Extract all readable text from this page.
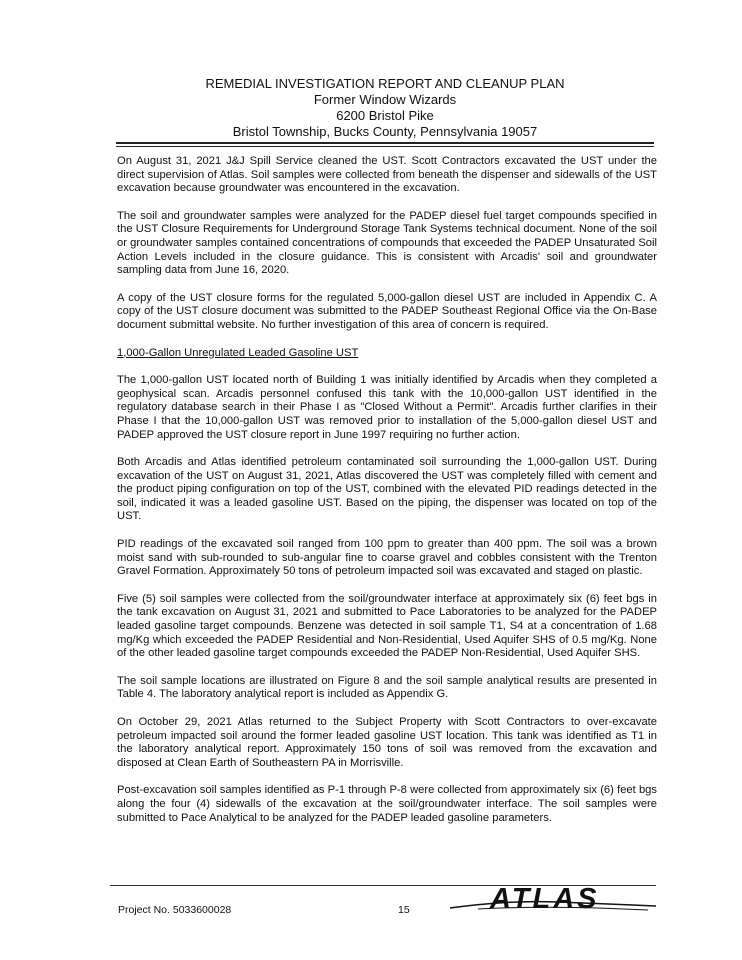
REMEDIAL INVESTIGATION REPORT AND CLEANUP PLAN
Former Window Wizards
6200 Bristol Pike
Bristol Township, Bucks County, Pennsylvania 19057

On August 31, 2021 J&J Spill Service cleaned the UST. Scott Contractors excavated the UST under the direct supervision of Atlas. Soil samples were collected from beneath the dispenser and sidewalls of the UST excavation because groundwater was encountered in the excavation.

The soil and groundwater samples were analyzed for the PADEP diesel fuel target compounds specified in the UST Closure Requirements for Underground Storage Tank Systems technical document. None of the soil or groundwater samples contained concentrations of compounds that exceeded the PADEP Unsaturated Soil Action Levels included in the closure guidance. This is consistent with Arcadis' soil and groundwater sampling data from June 16, 2020.

A copy of the UST closure forms for the regulated 5,000-gallon diesel UST are included in Appendix C. A copy of the UST closure document was submitted to the PADEP Southeast Regional Office via the On-Base document submittal website. No further investigation of this area of concern is required.

1,000-Gallon Unregulated Leaded Gasoline UST

The 1,000-gallon UST located north of Building 1 was initially identified by Arcadis when they completed a geophysical scan. Arcadis personnel confused this tank with the 10,000-gallon UST identified in the regulatory database search in their Phase I as "Closed Without a Permit". Arcadis further clarifies in their Phase I that the 10,000-gallon UST was removed prior to installation of the 5,000-gallon diesel UST and PADEP approved the UST closure report in June 1997 requiring no further action.

Both Arcadis and Atlas identified petroleum contaminated soil surrounding the 1,000-gallon UST. During excavation of the UST on August 31, 2021, Atlas discovered the UST was completely filled with cement and the product piping configuration on top of the UST, combined with the elevated PID readings detected in the soil, indicated it was a leaded gasoline UST. Based on the piping, the dispenser was located on top of the UST.

PID readings of the excavated soil ranged from 100 ppm to greater than 400 ppm. The soil was a brown moist sand with sub-rounded to sub-angular fine to coarse gravel and cobbles consistent with the Trenton Gravel Formation. Approximately 50 tons of petroleum impacted soil was excavated and staged on plastic.

Five (5) soil samples were collected from the soil/groundwater interface at approximately six (6) feet bgs in the tank excavation on August 31, 2021 and submitted to Pace Laboratories to be analyzed for the PADEP leaded gasoline target compounds. Benzene was detected in soil sample T1, S4 at a concentration of 1.68 mg/Kg which exceeded the PADEP Residential and Non-Residential, Used Aquifer SHS of 0.5 mg/Kg. None of the other leaded gasoline target compounds exceeded the PADEP Non-Residential, Used Aquifer SHS.

The soil sample locations are illustrated on Figure 8 and the soil sample analytical results are presented in Table 4. The laboratory analytical report is included as Appendix G.

On October 29, 2021 Atlas returned to the Subject Property with Scott Contractors to over-excavate petroleum impacted soil around the former leaded gasoline UST location. This tank was identified as T1 in the laboratory analytical report. Approximately 150 tons of soil was removed from the excavation and disposed at Clean Earth of Southeastern PA in Morrisville.

Post-excavation soil samples identified as P-1 through P-8 were collected from approximately six (6) feet bgs along the four (4) sidewalls of the excavation at the soil/groundwater interface. The soil samples were submitted to Pace Analytical to be analyzed for the PADEP leaded gasoline parameters.

Project No. 5033600028	15	ATLAS
